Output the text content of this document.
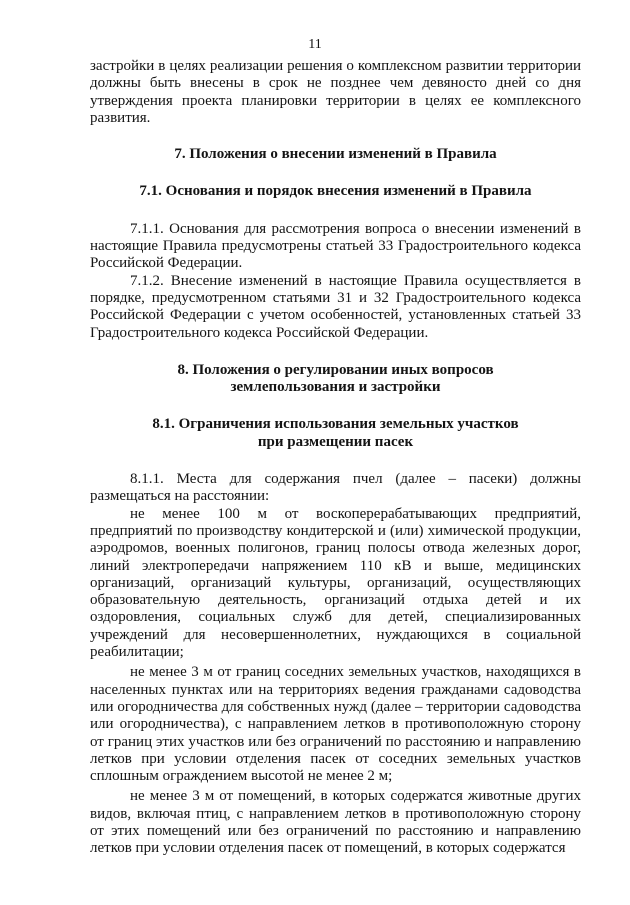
11

застройки в целях реализации решения о комплексном развитии территории должны быть внесены в срок не позднее чем девяносто дней со дня утверждения проекта планировки территории в целях ее комплексного развития.

7. Положения о внесении изменений в Правила
7.1. Основания и порядок внесения изменений в Правила

7.1.1. Основания для рассмотрения вопроса о внесении изменений в настоящие Правила предусмотрены статьей 33 Градостроительного кодекса Российской Федерации.

7.1.2. Внесение изменений в настоящие Правила осуществляется в порядке, предусмотренном статьями 31 и 32 Градостроительного кодекса Российской Федерации с учетом особенностей, установленных статьей 33 Градостроительного кодекса Российской Федерации.

8. Положения о регулировании иных вопросов
землепользования и застройки
8.1. Ограничения использования земельных участков
при размещении пасек

8.1.1. Места для содержания пчел (далее – пасеки) должны размещаться на расстоянии:

не менее 100 м от воскоперерабатывающих предприятий, предприятий по производству кондитерской и (или) химической продукции, аэродромов, военных полигонов, границ полосы отвода железных дорог, линий электропередачи напряжением 110 кВ и выше, медицинских организаций, организаций культуры, организаций, осуществляющих образовательную деятельность, организаций отдыха детей и их оздоровления, социальных служб для детей, специализированных учреждений для несовершеннолетних, нуждающихся в социальной реабилитации;

не менее 3 м от границ соседних земельных участков, находящихся в населенных пунктах или на территориях ведения гражданами садоводства или огородничества для собственных нужд (далее – территории садоводства или огородничества), с направлением летков в противоположную сторону от границ этих участков или без ограничений по расстоянию и направлению летков при условии отделения пасек от соседних земельных участков сплошным ограждением высотой не менее 2 м;

не менее 3 м от помещений, в которых содержатся животные других видов, включая птиц, с направлением летков в противоположную сторону от этих помещений или без ограничений по расстоянию и направлению летков при условии отделения пасек от помещений, в которых содержатся
